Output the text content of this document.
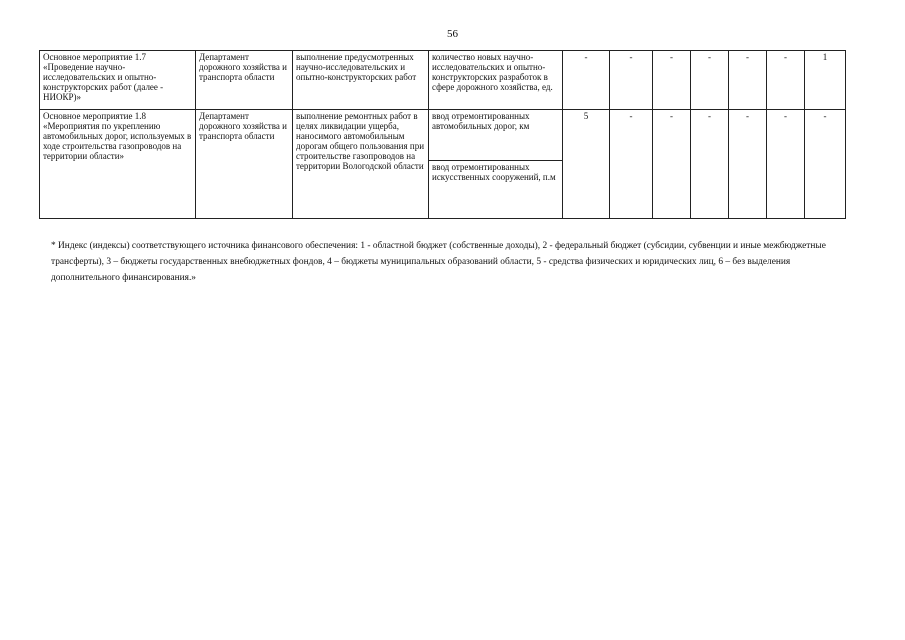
56
Основное мероприятие 1.7 «Проведение научно-исследовательских и опытно-конструкторских работ (далее - НИОКР)»	Департамент дорожного хозяйства и транспорта области	выполнение предусмотренных научно-исследовательских и опытно-конструкторских работ	количество новых научно-исследовательских и опытно-конструкторских разработок в сфере дорожного хозяйства, ед.	-	-	-	-	-	-	1
Основное мероприятие 1.8 «Мероприятия по укреплению автомобильных дорог, используемых в ходе строительства газопроводов на территории области»	Департамент дорожного хозяйства и транспорта области	выполнение ремонтных работ в целях ликвидации ущерба, наносимого автомобильным дорогам общего пользования при строительстве газопроводов на территории Вологодской области	ввод отремонтированных автомобильных дорог, км	5	-	-	-	-	-	-
			ввод отремонтированных искусственных сооружений, п.м							
* Индекс (индексы) соответствующего источника финансового обеспечения: 1 - областной бюджет (собственные доходы), 2 - федеральный бюджет (субсидии, субвенции и иные межбюджетные трансферты), 3 – бюджеты государственных внебюджетных фондов, 4 – бюджеты муниципальных образований области, 5 - средства физических и юридических лиц, 6 – без выделения дополнительного финансирования.»
